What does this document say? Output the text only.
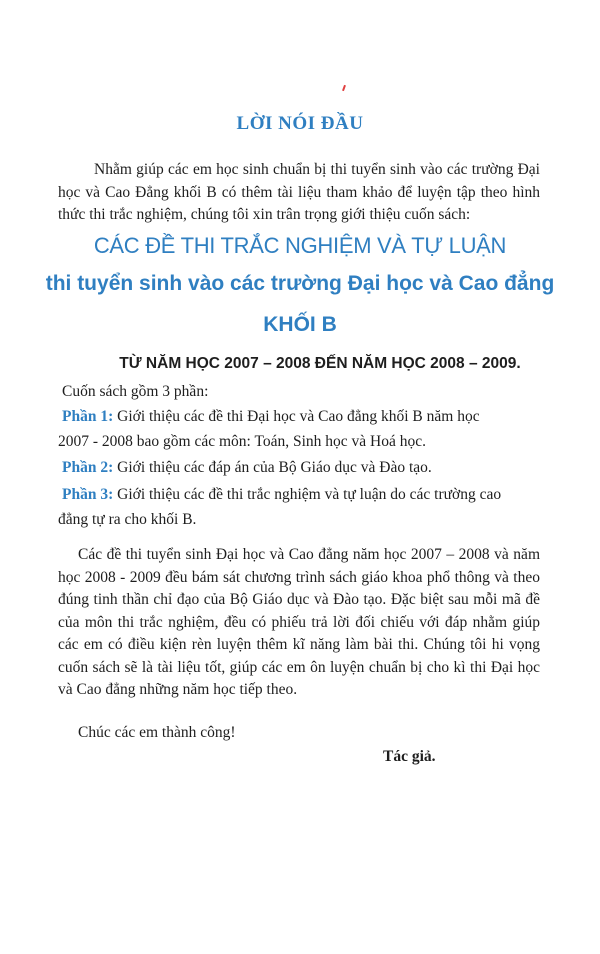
LỜI NÓI ĐẦU
Nhằm giúp các em học sinh chuẩn bị thi tuyển sinh vào các trường Đại học và Cao Đẳng khối B có thêm tài liệu tham khảo để luyện tập theo hình thức thi trắc nghiệm, chúng tôi xin trân trọng giới thiệu cuốn sách:
CÁC ĐỀ THI TRẮC NGHIỆM VÀ TỰ LUẬN
thi tuyển sinh vào các trường Đại học và Cao đẳng
KHỐI B
TỪ NĂM HỌC 2007 – 2008 ĐẾN NĂM HỌC 2008 – 2009.
Cuốn sách gồm 3 phần:
Phần 1: Giới thiệu các đề thi Đại học và Cao đẳng khối B năm học
2007 - 2008 bao gồm các môn: Toán, Sinh học và Hoá học.
Phần 2: Giới thiệu các đáp án của Bộ Giáo dục và Đào tạo.
Phần 3: Giới thiệu các đề thi trắc nghiệm và tự luận do các trường cao
đẳng tự ra cho khối B.
Các đề thi tuyển sinh Đại học và Cao đẳng năm học 2007 – 2008 và năm học 2008 - 2009 đều bám sát chương trình sách giáo khoa phổ thông và theo đúng tinh thần chỉ đạo của Bộ Giáo dục và Đào tạo. Đặc biệt sau mỗi mã đề của môn thi trắc nghiệm, đều có phiếu trả lời đối chiếu với đáp nhằm giúp các em có điều kiện rèn luyện thêm kĩ năng làm bài thi. Chúng tôi hi vọng cuốn sách sẽ là tài liệu tốt, giúp các em ôn luyện chuẩn bị cho kì thi Đại học và Cao đẳng những năm học tiếp theo.
Chúc các em thành công!
Tác giả.
